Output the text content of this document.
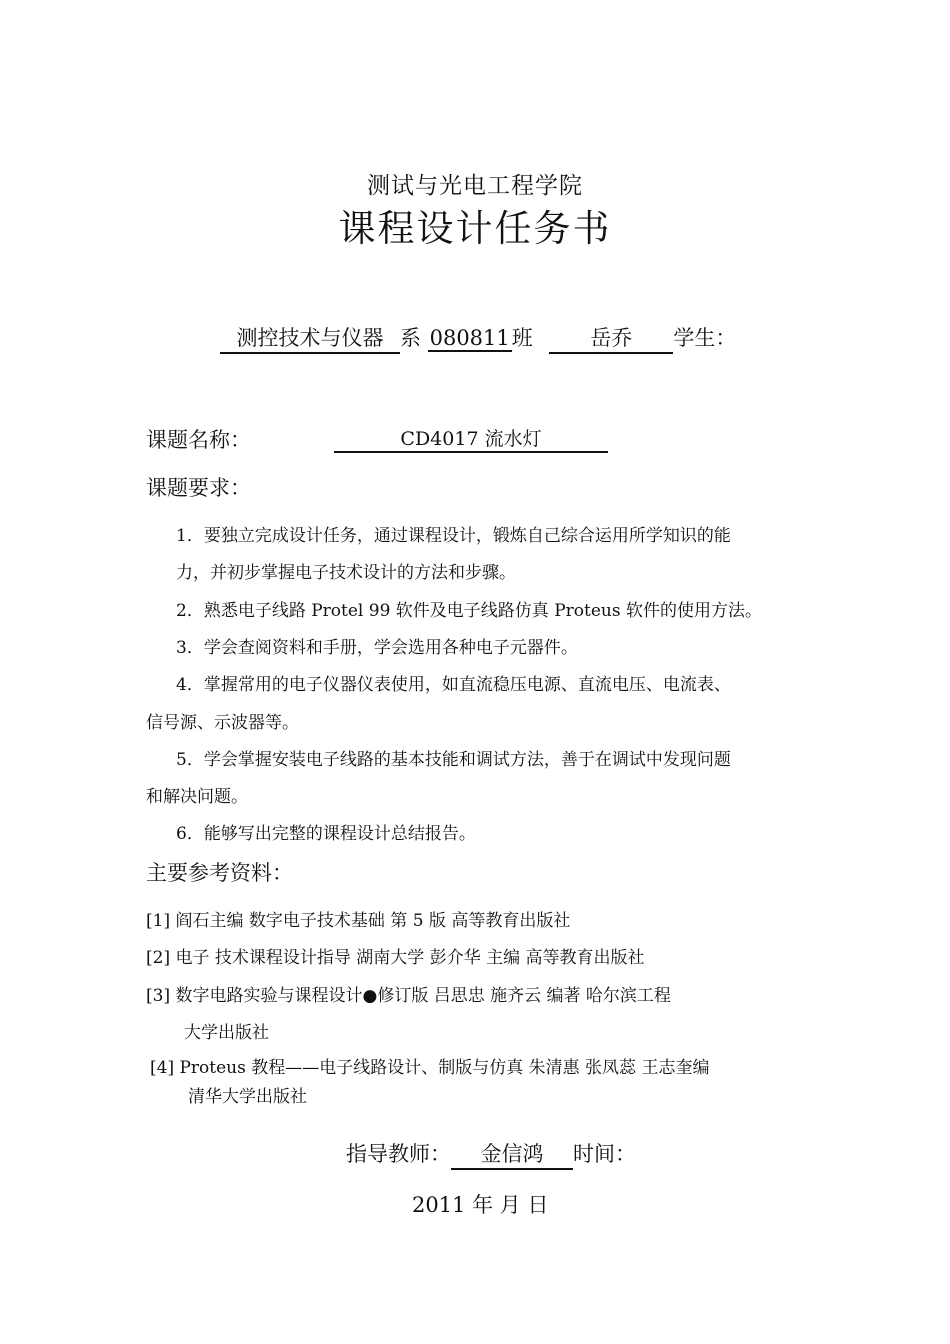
测试与光电工程学院
课程设计任务书
测控技术与仪器 系 080811班	岳乔 学生：
课题名称：	CD4017 流水灯
课题要求：
1．要独立完成设计任务，通过课程设计，锻炼自己综合运用所学知识的能
力，并初步掌握电子技术设计的方法和步骤。
2．熟悉电子线路 Protel 99 软件及电子线路仿真 Proteus 软件的使用方法。
3．学会查阅资料和手册，学会选用各种电子元器件。
4．掌握常用的电子仪器仪表使用，如直流稳压电源、直流电压、电流表、
信号源、示波器等。
5．学会掌握安装电子线路的基本技能和调试方法，善于在调试中发现问题
和解决问题。
6．能够写出完整的课程设计总结报告。
主要参考资料：
[1] 阎石主编 数字电子技术基础 第 5 版 高等教育出版社
[2] 电子 技术课程设计指导 湖南大学 彭介华 主编 高等教育出版社
[3] 数字电路实验与课程设计●修订版 吕思忠 施齐云 编著 哈尔滨工程
大学出版社
[4] Proteus 教程——电子线路设计、制版与仿真 朱清惠 张凤蕊 王志奎编
清华大学出版社
指导教师： 金信鸿 时间：
2011 年 月 日
